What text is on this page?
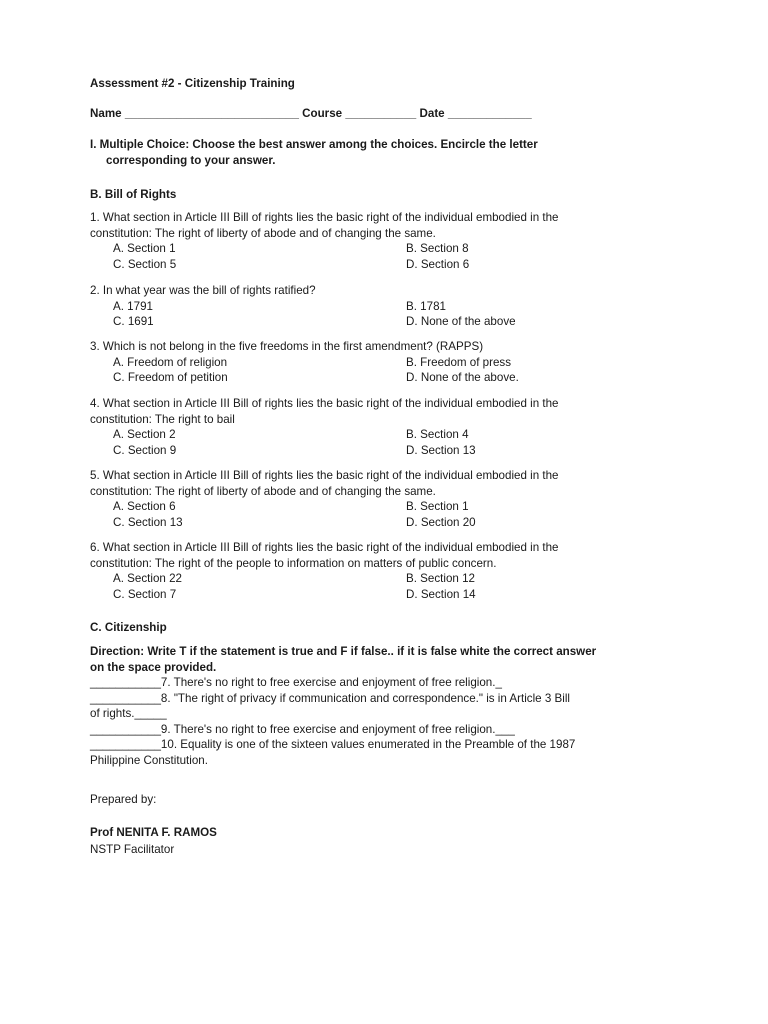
Assessment #2 - Citizenship Training
Name ___________________________ Course ___________ Date _____________

I. Multiple Choice: Choose the best answer among the choices. Encircle the letter

corresponding to your answer.

B. Bill of Rights

1. What section in Article III Bill of rights lies the basic right of the individual embodied in the

constitution: The right of liberty of abode and of changing the same.

A. Section 1	B. Section 8
C. Section 5	D. Section 6

2. In what year was the bill of rights ratified?

A. 1791	B. 1781
C. 1691	D. None of the above

3. Which is not belong in the five freedoms in the first amendment? (RAPPS)

A. Freedom of religion	B. Freedom of press
C. Freedom of petition	D. None of the above.

4. What section in Article III Bill of rights lies the basic right of the individual embodied in the

constitution: The right to bail

A. Section 2	B. Section 4
C. Section 9	D. Section 13

5. What section in Article III Bill of rights lies the basic right of the individual embodied in the

constitution: The right of liberty of abode and of changing the same.

A. Section 6	B. Section 1
C. Section 13	D. Section 20

6. What section in Article III Bill of rights lies the basic right of the individual embodied in the

constitution: The right of the people to information on matters of public concern.

A. Section 22	B. Section 12
C. Section 7	D. Section 14
C. Citizenship

Direction: Write T if the statement is true and F if false.. if it is false white the correct answer

on the space provided.

___________7. There's no right to free exercise and enjoyment of free religion._

___________8. "The right of privacy if communication and correspondence." is in Article 3 Bill

of rights._____

___________9. There's no right to free exercise and enjoyment of free religion.___

___________10. Equality is one of the sixteen values enumerated in the Preamble of the 1987

Philippine Constitution.

Prepared by:
Prof NENITA F. RAMOS
NSTP Facilitator
